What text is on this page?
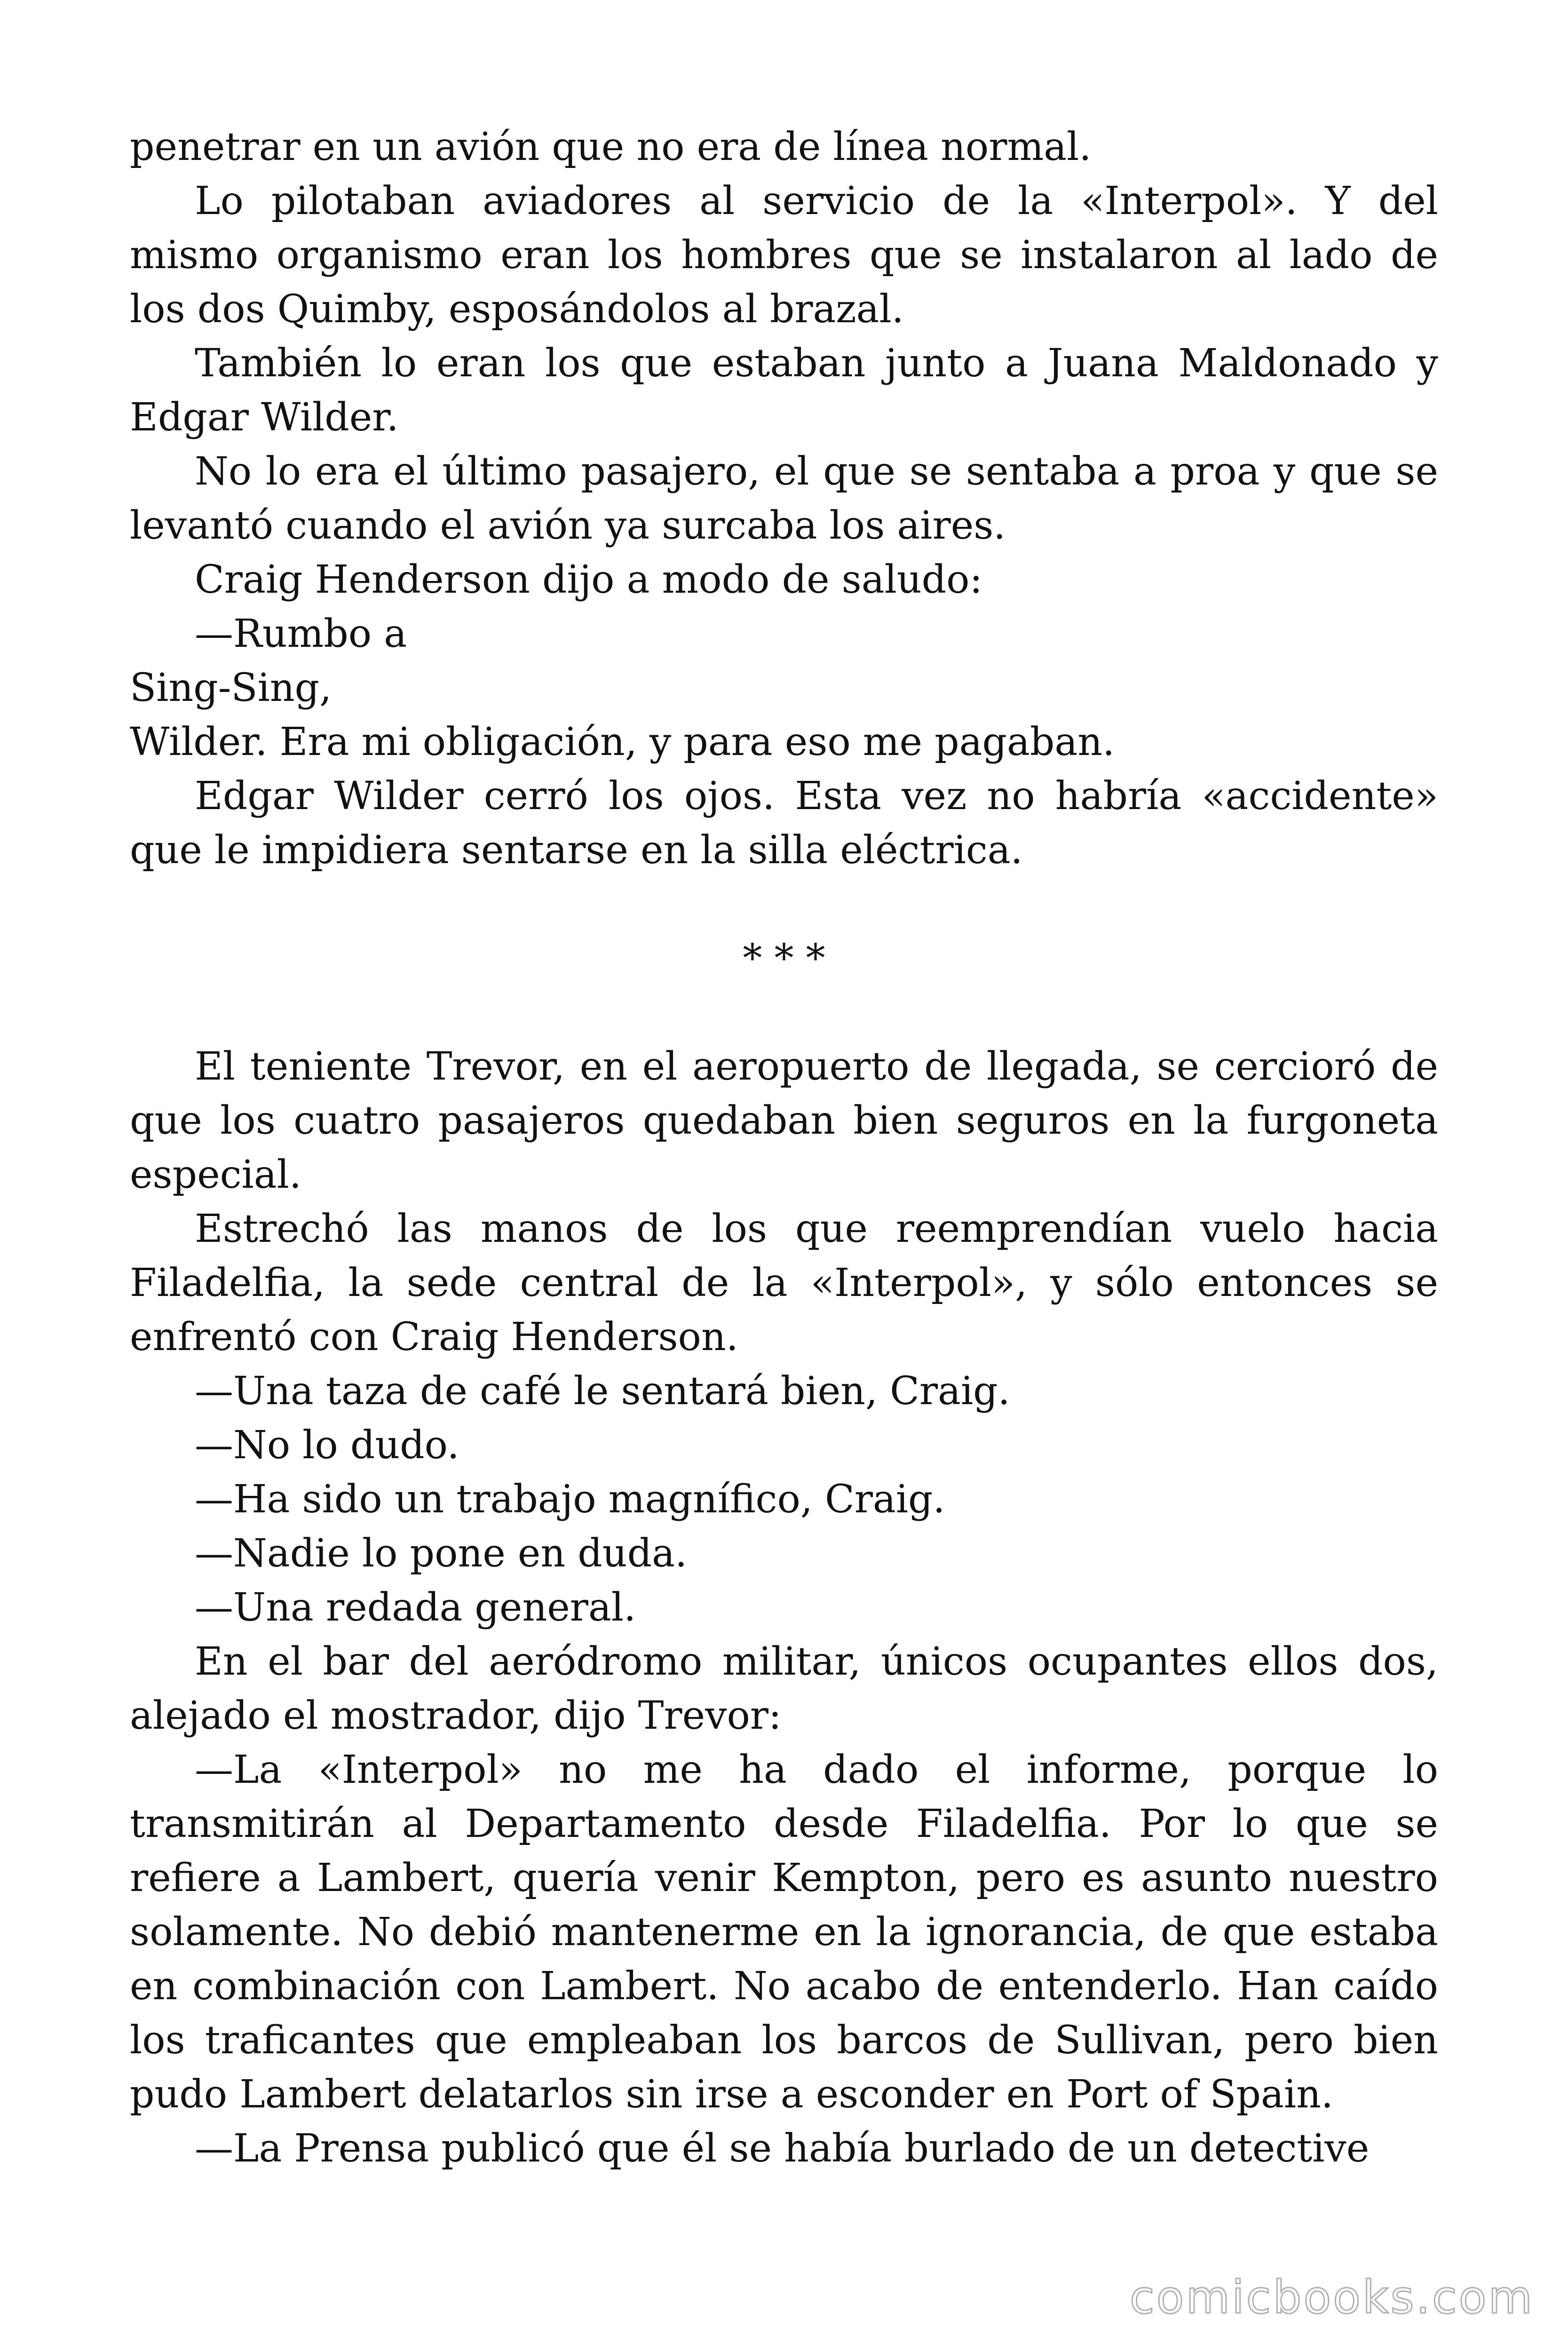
penetrar en un avión que no era de línea normal.

Lo pilotaban aviadores al servicio de la «Interpol». Y del mismo organismo eran los hombres que se instalaron al lado de los dos Quimby, esposándolos al brazal.

También lo eran los que estaban junto a Juana Maldonado y Edgar Wilder.

No lo era el último pasajero, el que se sentaba a proa y que se levantó cuando el avión ya surcaba los aires.

Craig Henderson dijo a modo de saludo:

—Rumbo a

Sing-Sing,

Wilder. Era mi obligación, y para eso me pagaban.

Edgar Wilder cerró los ojos. Esta vez no habría «accidente» que le impidiera sentarse en la silla eléctrica.

* * *

El teniente Trevor, en el aeropuerto de llegada, se cercioró de que los cuatro pasajeros quedaban bien seguros en la furgoneta especial.

Estrechó las manos de los que reemprendían vuelo hacia Filadelfia, la sede central de la «Interpol», y sólo entonces se enfrentó con Craig Henderson.

—Una taza de café le sentará bien, Craig.

—No lo dudo.

—Ha sido un trabajo magnífico, Craig.

—Nadie lo pone en duda.

—Una redada general.

En el bar del aeródromo militar, únicos ocupantes ellos dos, alejado el mostrador, dijo Trevor:

—La «Interpol» no me ha dado el informe, porque lo transmitirán al Departamento desde Filadelfia. Por lo que se refiere a Lambert, quería venir Kempton, pero es asunto nuestro solamente. No debió mantenerme en la ignorancia, de que estaba en combinación con Lambert. No acabo de entenderlo. Han caído los traficantes que empleaban los barcos de Sullivan, pero bien pudo Lambert delatarlos sin irse a esconder en Port of Spain.

—La Prensa publicó que él se había burlado de un detective

comicbooks.com
